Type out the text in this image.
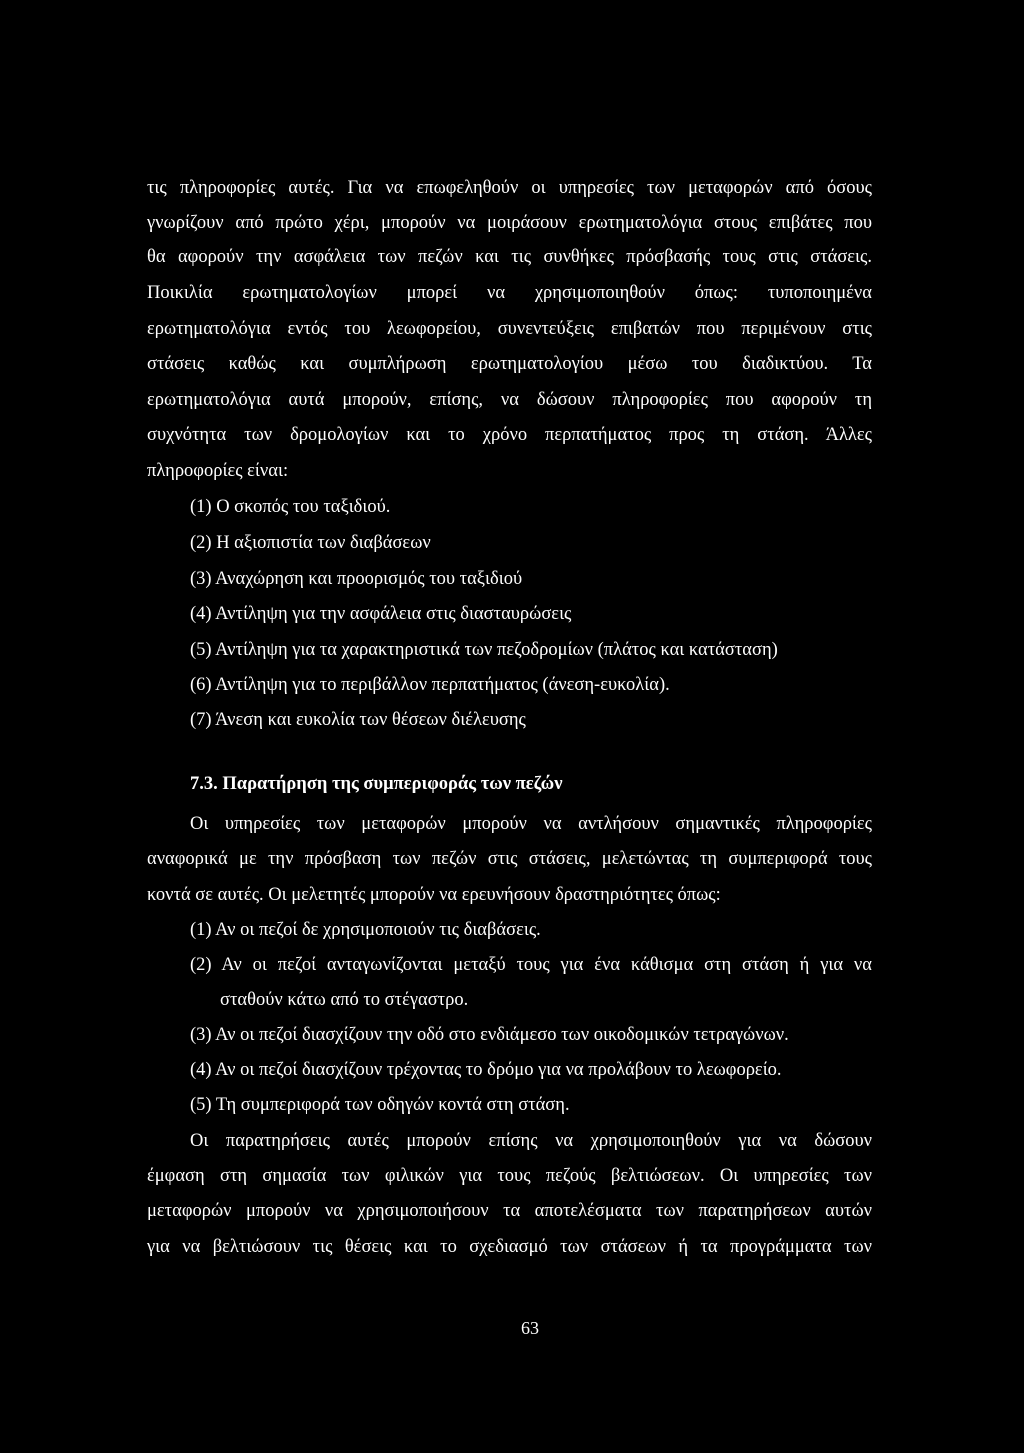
τις πληροφορίες αυτές. Για να επωφεληθούν οι υπηρεσίες των μεταφορών από όσους
γνωρίζουν από πρώτο χέρι, μπορούν να μοιράσουν ερωτηματολόγια στους επιβάτες που
θα αφορούν την ασφάλεια των πεζών και τις συνθήκες πρόσβασής τους στις στάσεις.
Ποικιλία ερωτηματολογίων μπορεί να χρησιμοποιηθούν όπως: τυποποιημένα
ερωτηματολόγια εντός του λεωφορείου, συνεντεύξεις επιβατών που περιμένουν στις
στάσεις καθώς και συμπλήρωση ερωτηματολογίου μέσω του διαδικτύου. Τα
ερωτηματολόγια αυτά μπορούν, επίσης, να δώσουν πληροφορίες που αφορούν τη
συχνότητα των δρομολογίων και το χρόνο περπατήματος προς τη στάση. Άλλες
πληροφορίες είναι:
(1) Ο σκοπός του ταξιδιού.
(2) Η αξιοπιστία των διαβάσεων
(3) Αναχώρηση και προορισμός του ταξιδιού
(4) Αντίληψη για την ασφάλεια στις διασταυρώσεις
(5) Αντίληψη για τα χαρακτηριστικά των πεζοδρομίων (πλάτος και κατάσταση)
(6) Αντίληψη για το περιβάλλον περπατήματος (άνεση-ευκολία).
(7) Άνεση και ευκολία των θέσεων διέλευσης
7.3. Παρατήρηση της συμπεριφοράς των πεζών
Οι υπηρεσίες των μεταφορών μπορούν να αντλήσουν σημαντικές πληροφορίες
αναφορικά με την πρόσβαση των πεζών στις στάσεις, μελετώντας τη συμπεριφορά τους
κοντά σε αυτές. Οι μελετητές μπορούν να ερευνήσουν δραστηριότητες όπως:
(1) Αν οι πεζοί δε χρησιμοποιούν τις διαβάσεις.
(2) Αν οι πεζοί ανταγωνίζονται μεταξύ τους για ένα κάθισμα στη στάση ή για να
σταθούν κάτω από το στέγαστρο.
(3) Αν οι πεζοί διασχίζουν την οδό στο ενδιάμεσο των οικοδομικών τετραγώνων.
(4) Αν οι πεζοί διασχίζουν τρέχοντας το δρόμο για να προλάβουν το λεωφορείο.
(5) Τη συμπεριφορά των οδηγών κοντά στη στάση.
Οι παρατηρήσεις αυτές μπορούν επίσης να χρησιμοποιηθούν για να δώσουν
έμφαση στη σημασία των φιλικών για τους πεζούς βελτιώσεων. Οι υπηρεσίες των
μεταφορών μπορούν να χρησιμοποιήσουν τα αποτελέσματα των παρατηρήσεων αυτών
για να βελτιώσουν τις θέσεις και το σχεδιασμό των στάσεων ή τα προγράμματα των
63
